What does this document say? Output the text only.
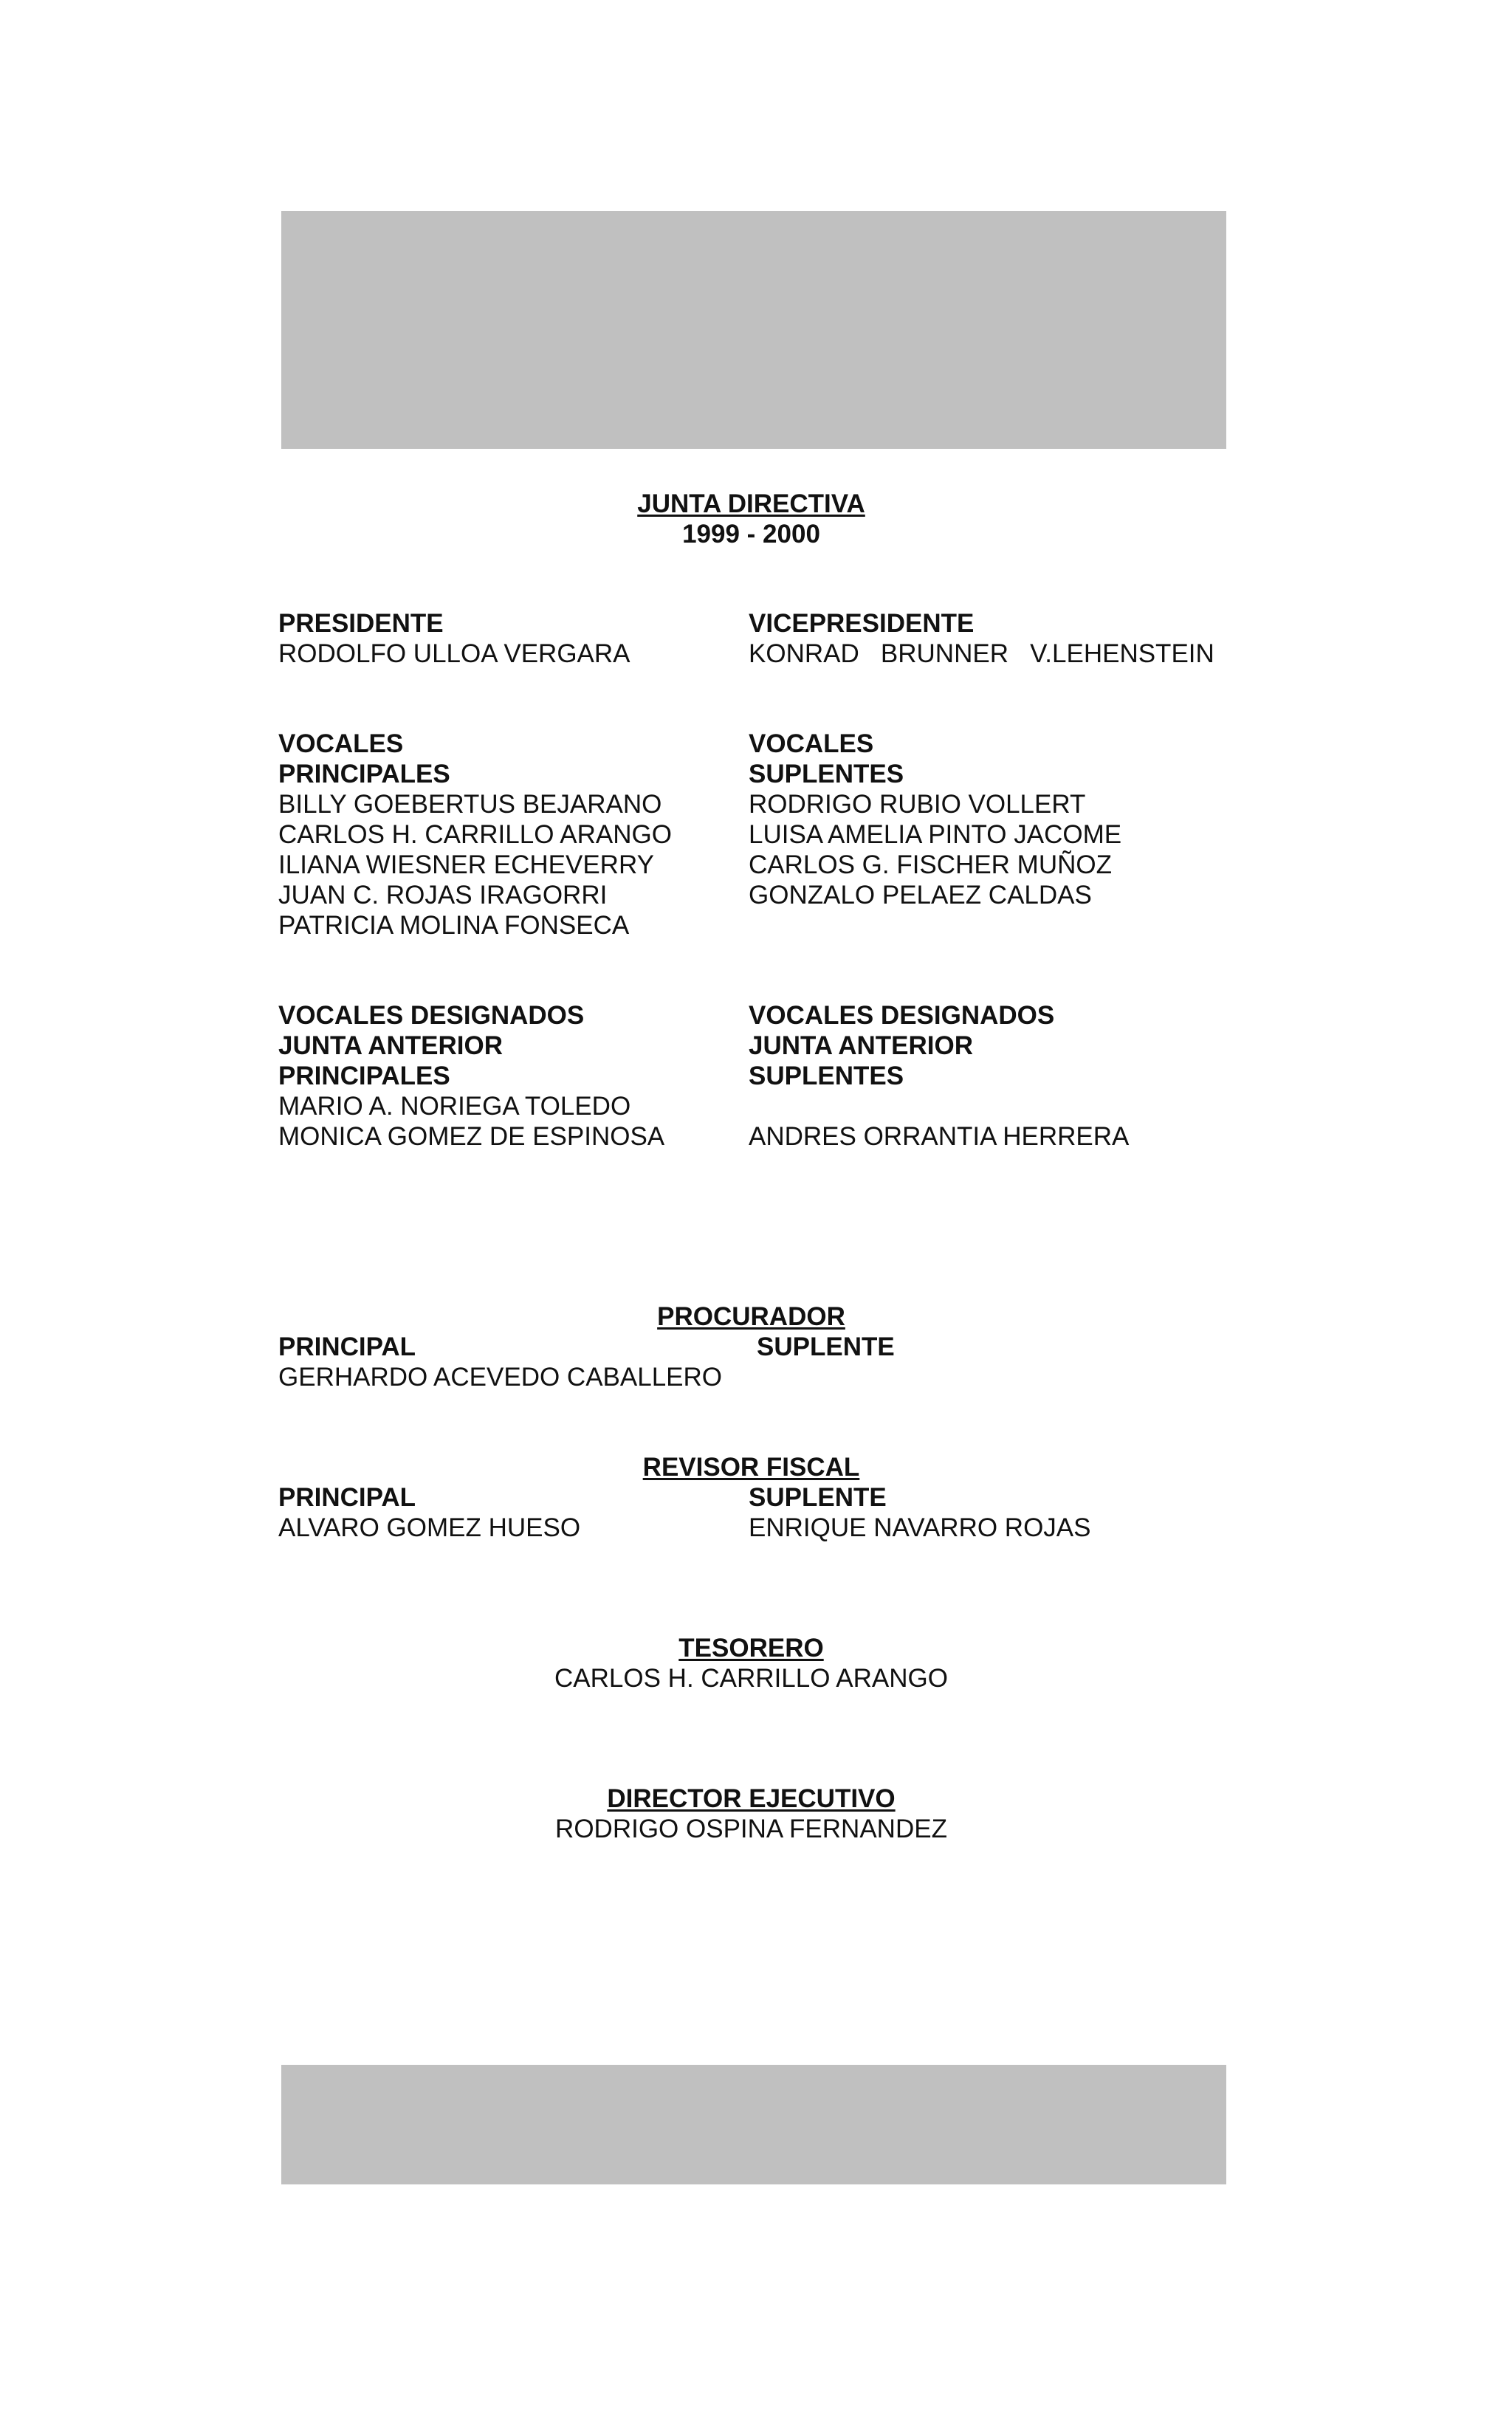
JUNTA DIRECTIVA
1999 - 2000
PRESIDENTE
RODOLFO ULLOA VERGARA
VICEPRESIDENTE
KONRAD   BRUNNER   V.LEHENSTEIN
VOCALES
PRINCIPALES
BILLY GOEBERTUS BEJARANO
CARLOS H. CARRILLO ARANGO
ILIANA WIESNER ECHEVERRY
JUAN C. ROJAS IRAGORRI
PATRICIA MOLINA FONSECA
VOCALES
SUPLENTES
RODRIGO RUBIO VOLLERT
LUISA AMELIA PINTO JACOME
CARLOS G. FISCHER MUÑOZ
GONZALO PELAEZ CALDAS
VOCALES DESIGNADOS
JUNTA ANTERIOR
PRINCIPALES
MARIO A. NORIEGA TOLEDO
MONICA GOMEZ DE ESPINOSA
VOCALES DESIGNADOS
JUNTA ANTERIOR
SUPLENTES
ANDRES ORRANTIA HERRERA
PROCURADOR
PRINCIPAL	SUPLENTE
GERHARDO ACEVEDO CABALLERO
REVISOR FISCAL
PRINCIPAL	SUPLENTE
ALVARO GOMEZ HUESO	ENRIQUE NAVARRO ROJAS
TESORERO
CARLOS H. CARRILLO ARANGO
DIRECTOR EJECUTIVO
RODRIGO OSPINA FERNANDEZ
